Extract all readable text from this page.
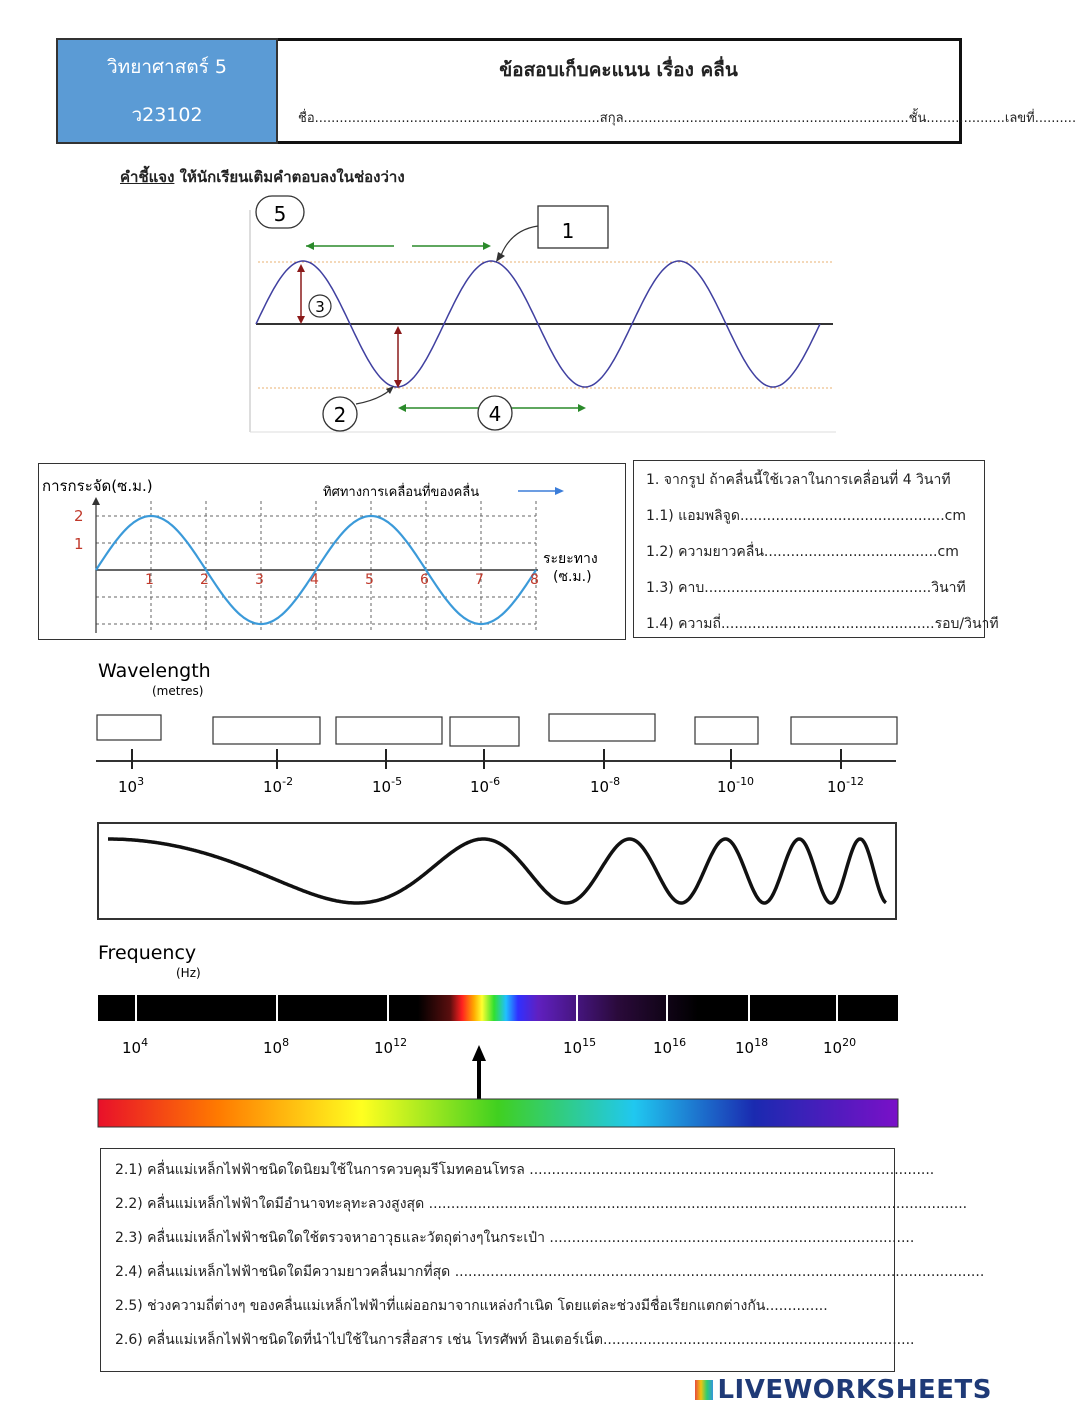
วิทยาศาสตร์ 5
ว23102
ข้อสอบเก็บคะแนน เรื่อง คลื่น
ชื่อ.....................................................................สกุล.....................................................................ชั้น...................เลขที่..........
คำชี้แจง ให้นักเรียนเติมคำตอบลงในช่องว่าง
5
1
3
2	4
การกระจัด(ซ.ม.)	ทิศทางการเคลื่อนที่ของคลื่น
ระยะทาง
(ซ.ม.)
2
1
1	2	3	4	5	6	7	8
1. จากรูป ถ้าคลื่นนี้ใช้เวลาในการเคลื่อนที่ 4 วินาที
1.1) แอมพลิจูด..............................................cm
1.2) ความยาวคลื่น.......................................cm
1.3) คาบ...................................................วินาที
1.4) ความถี่................................................รอบ/วินาที
Wavelength
(metres)
$10^3$	$10^{-2}$	$10^{-5}$	$10^{-6}$	$10^{-8}$	$10^{-10}$	$10^{-12}$
Frequency
(Hz)
$10^4$	$10^8$	$10^{12}$	$10^{15}$	$10^{16}$	$10^{18}$	$10^{20}$
2.1) คลื่นแม่เหล็กไฟฟ้าชนิดใดนิยมใช้ในการควบคุมรีโมทคอนโทรล ...........................................................................................
2.2) คลื่นแม่เหล็กไฟฟ้าใดมีอำนาจทะลุทะลวงสูงสุด .........................................................................................................................
2.3) คลื่นแม่เหล็กไฟฟ้าชนิดใดใช้ตรวจหาอาวุธและวัตถุต่างๆในกระเป๋า ..................................................................................
2.4) คลื่นแม่เหล็กไฟฟ้าชนิดใดมีความยาวคลื่นมากที่สุด .......................................................................................................................
2.5) ช่วงความถี่ต่างๆ ของคลื่นแม่เหล็กไฟฟ้าที่แผ่ออกมาจากแหล่งกำเนิด โดยแต่ละช่วงมีชื่อเรียกแตกต่างกัน..............
2.6) คลื่นแม่เหล็กไฟฟ้าชนิดใดที่นำไปใช้ในการสื่อสาร เช่น โทรศัพท์ อินเตอร์เน็ต......................................................................
LIVEWORKSHEETS
